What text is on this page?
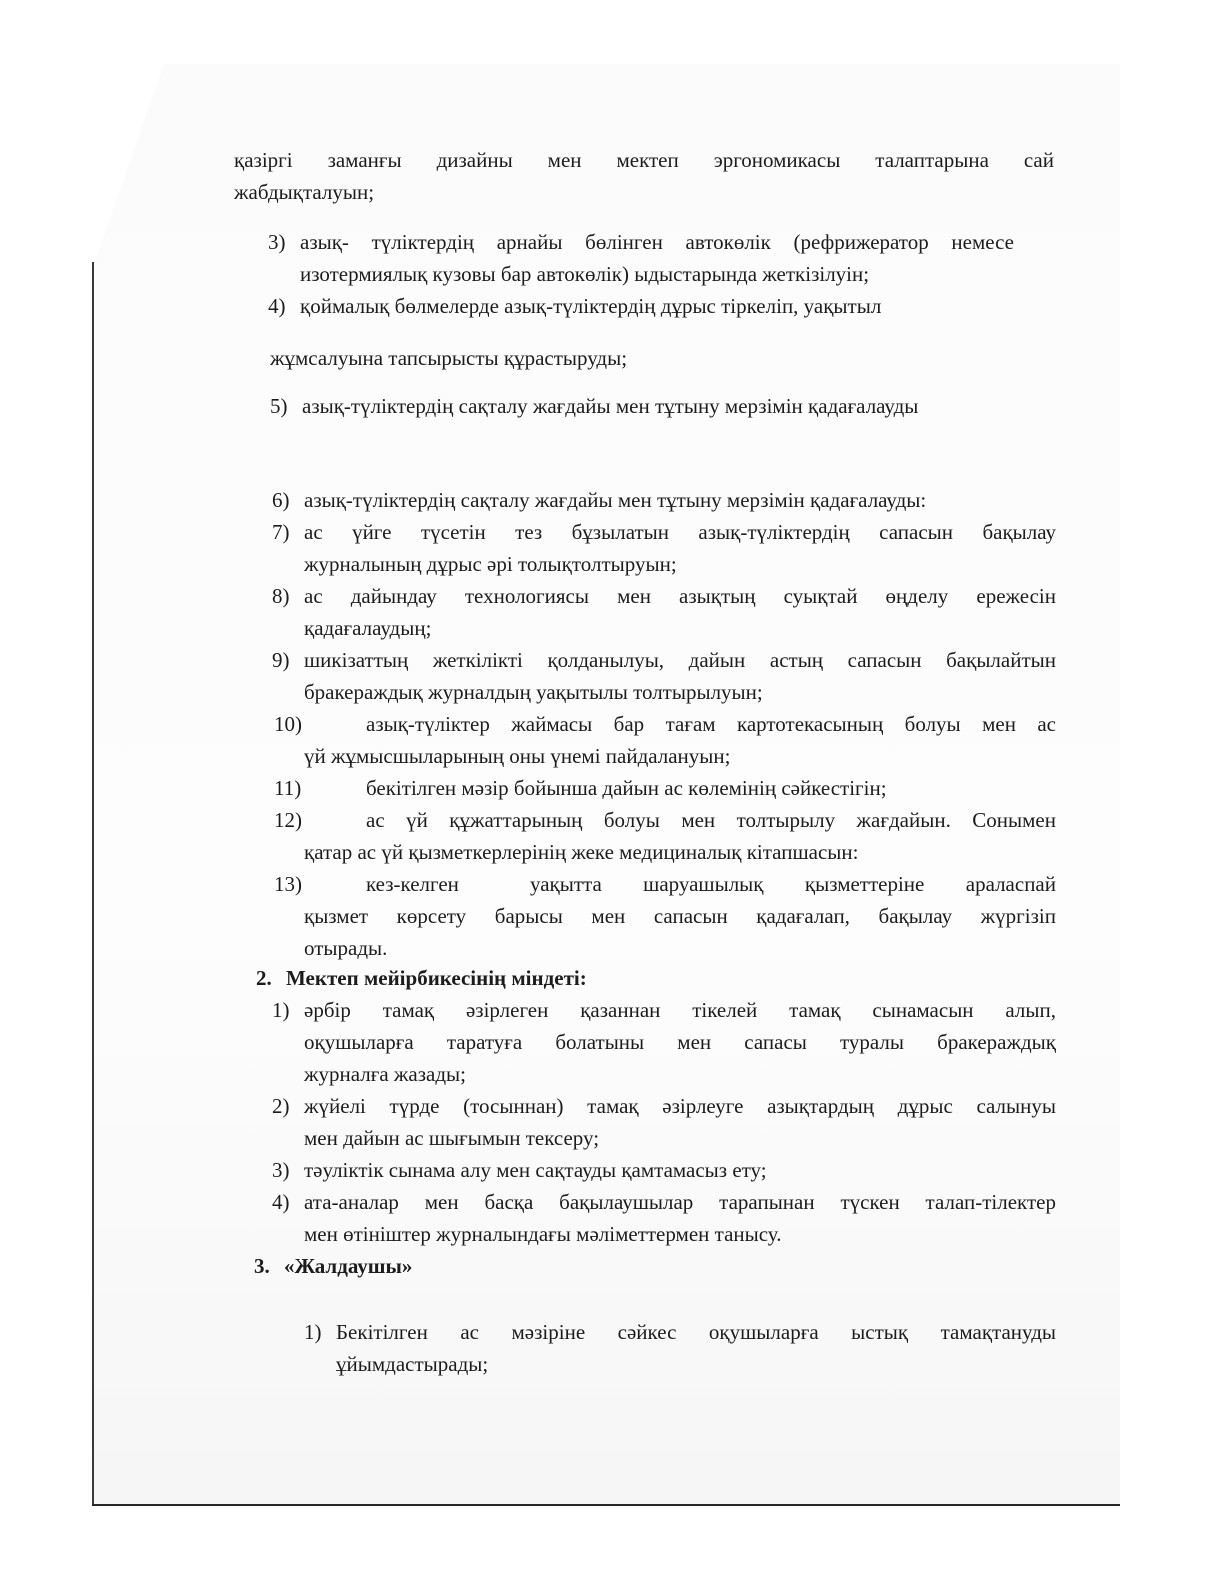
қазіргі заманғы дизайны мен мектеп эргономикасы талаптарына сай
жабдықталуын;
3) азық- түліктердің арнайы бөлінген автокөлік (рефрижератор немесе
изотермиялық кузовы бар автокөлік) ыдыстарында жеткізілуін;
4) қоймалық бөлмелерде азық-түліктердің дұрыс тіркеліп, уақытыл
жұмсалуына тапсырысты құрастыруды;
5) азық-түліктердің сақталу жағдайы мен тұтыну мерзімін қадағалауды
6) азық-түліктердің сақталу жағдайы мен тұтыну мерзімін қадағалауды:
7) ас үйге түсетін тез бұзылатын азық-түліктердің сапасын бақылау
журналының дұрыс әрі толықтолтыруын;
8) ас дайындау технологиясы мен азықтың суықтай өңделу ережесін
қадағалаудың;
9) шикізаттың жеткілікті қолданылуы, дайын астың сапасын бақылайтын
бракераждық журналдың уақытылы толтырылуын;
10)	азық-түліктер жаймасы бар тағам картотекасының болуы мен ас
үй жұмысшыларының оны үнемі пайдалануын;
11)	бекітілген мәзір бойынша дайын ас көлемінің сәйкестігін;
12)	ас үй құжаттарының болуы мен толтырылу жағдайын. Сонымен
қатар ас үй қызметкерлерінің жеке медициналық кітапшасын:
13)	кез-келген	уақытта шаруашылық қызметтеріне араласпай
қызмет көрсету барысы мен сапасын қадағалап, бақылау жүргізіп
отырады.
2. Мектеп мейірбикесінің міндеті:
1) әрбір тамақ әзірлеген қазаннан тікелей тамақ сынамасын алып,
оқушыларға таратуға болатыны мен сапасы туралы бракераждық
журналға жазады;
2) жүйелі түрде (тосыннан) тамақ әзірлеуге азықтардың дұрыс салынуы
мен дайын ас шығымын тексеру;
3) тәуліктік сынама алу мен сақтауды қамтамасыз ету;
4) ата-аналар мен басқа бақылаушылар тарапынан түскен талап-тілектер
мен өтініштер журналындағы мәліметтермен танысу.
3. «Жалдаушы»
1) Бекітілген ас мәзіріне сәйкес оқушыларға ыстық тамақтануды
ұйымдастырады;
